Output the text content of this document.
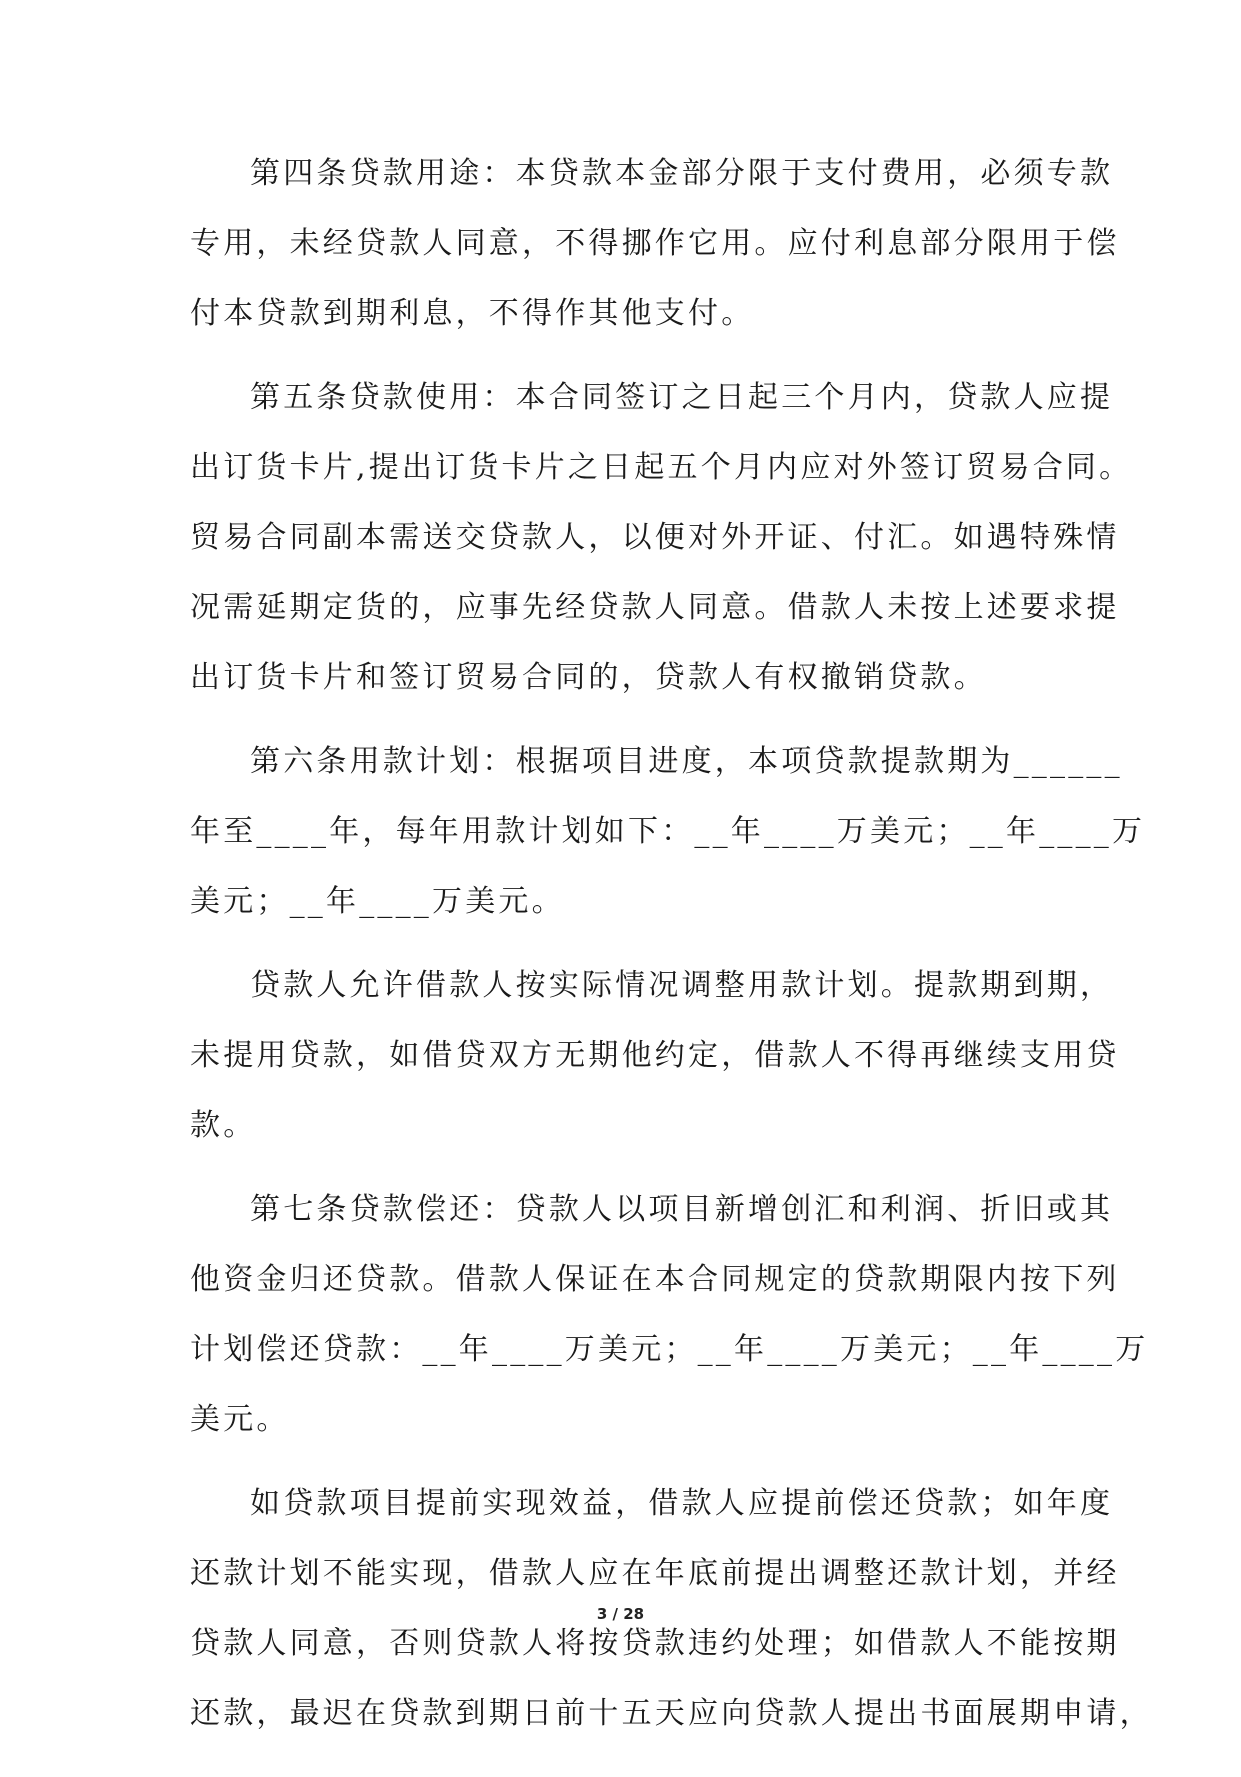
第四条贷款用途：本贷款本金部分限于支付费用，必须专款
专用，未经贷款人同意，不得挪作它用。应付利息部分限用于偿
付本贷款到期利息，不得作其他支付。
第五条贷款使用：本合同签订之日起三个月内，贷款人应提
出订货卡片,提出订货卡片之日起五个月内应对外签订贸易合同。
贸易合同副本需送交贷款人，以便对外开证、付汇。如遇特殊情
况需延期定货的，应事先经贷款人同意。借款人未按上述要求提
出订货卡片和签订贸易合同的，贷款人有权撤销贷款。
第六条用款计划：根据项目进度，本项贷款提款期为______
年至____年，每年用款计划如下：__年____万美元；__年____万
美元；__年____万美元。
贷款人允许借款人按实际情况调整用款计划。提款期到期，
未提用贷款，如借贷双方无期他约定，借款人不得再继续支用贷
款。
第七条贷款偿还：贷款人以项目新增创汇和利润、折旧或其
他资金归还贷款。借款人保证在本合同规定的贷款期限内按下列
计划偿还贷款：__年____万美元；__年____万美元；__年____万
美元。
如贷款项目提前实现效益，借款人应提前偿还贷款；如年度
还款计划不能实现，借款人应在年底前提出调整还款计划，并经
贷款人同意，否则贷款人将按贷款违约处理；如借款人不能按期
还款，最迟在贷款到期日前十五天应向贷款人提出书面展期申请，
3 / 28
